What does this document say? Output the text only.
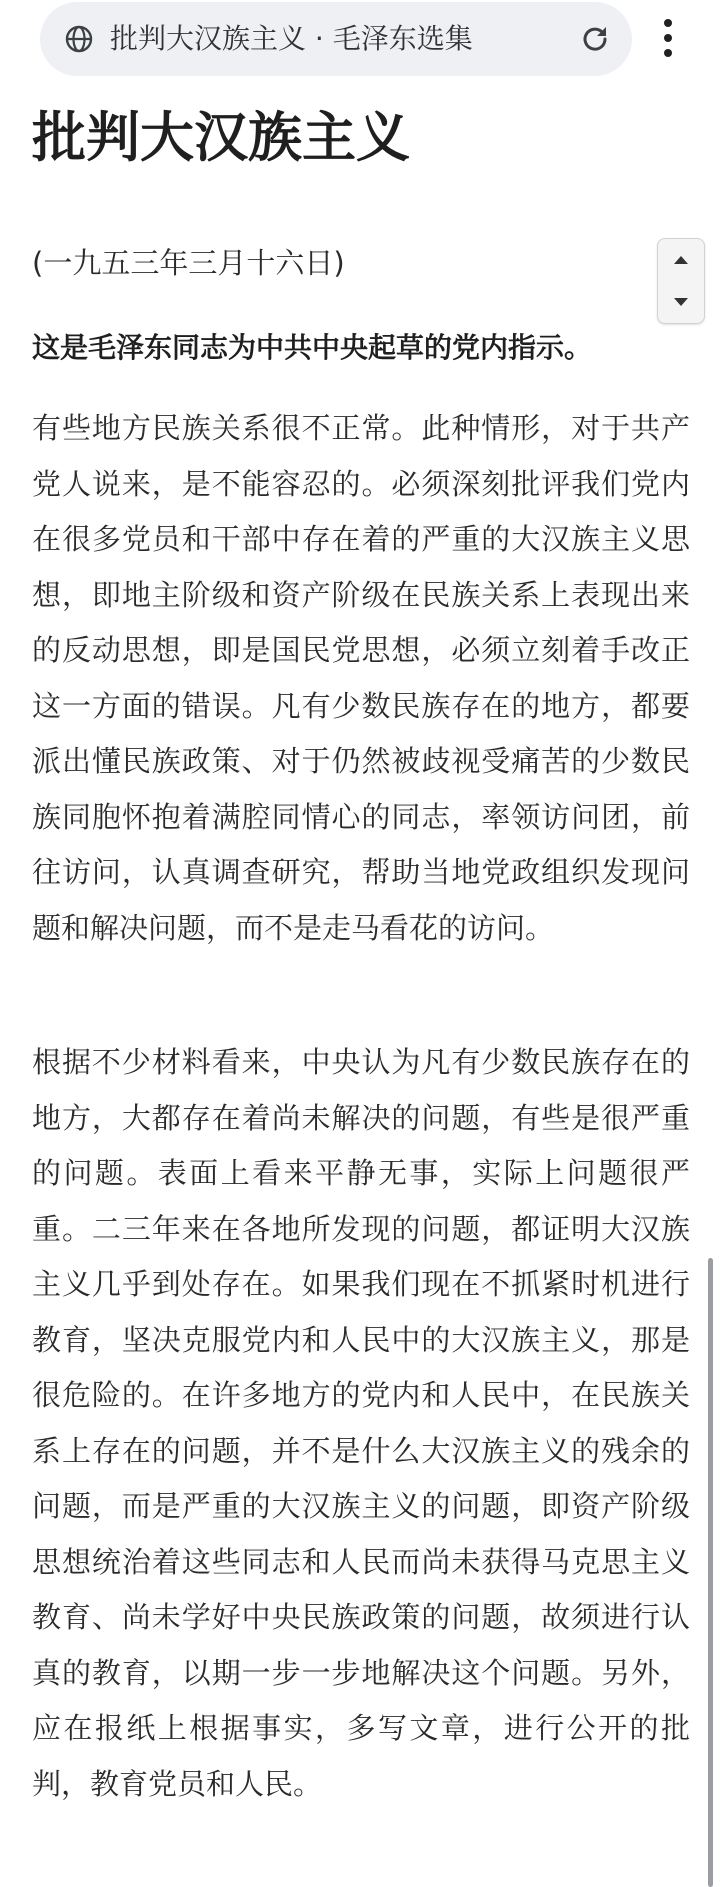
批判大汉族主义 · 毛泽东选集
批判大汉族主义
(一九五三年三月十六日)
这是毛泽东同志为中共中央起草的党内指示。

有些地方民族关系很不正常。此种情形，对于共产党人说来，是不能容忍的。必须深刻批评我们党内在很多党员和干部中存在着的严重的大汉族主义思想，即地主阶级和资产阶级在民族关系上表现出来的反动思想，即是国民党思想，必须立刻着手改正这一方面的错误。凡有少数民族存在的地方，都要派出懂民族政策、对于仍然被歧视受痛苦的少数民族同胞怀抱着满腔同情心的同志，率领访问团，前往访问，认真调查研究，帮助当地党政组织发现问题和解决问题，而不是走马看花的访问。

根据不少材料看来，中央认为凡有少数民族存在的地方，大都存在着尚未解决的问题，有些是很严重的问题。表面上看来平静无事，实际上问题很严重。二三年来在各地所发现的问题，都证明大汉族主义几乎到处存在。如果我们现在不抓紧时机进行教育，坚决克服党内和人民中的大汉族主义，那是很危险的。在许多地方的党内和人民中，在民族关系上存在的问题，并不是什么大汉族主义的残余的问题，而是严重的大汉族主义的问题，即资产阶级思想统治着这些同志和人民而尚未获得马克思主义教育、尚未学好中央民族政策的问题，故须进行认真的教育，以期一步一步地解决这个问题。另外，应在报纸上根据事实，多写文章，进行公开的批判，教育党员和人民。
